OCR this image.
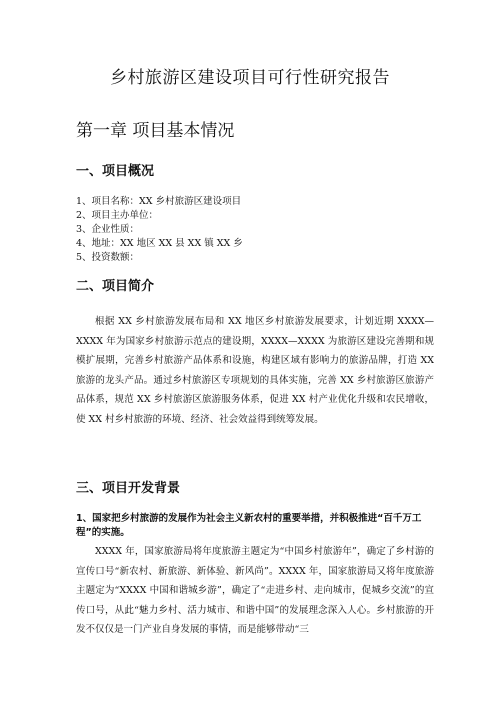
乡村旅游区建设项目可行性研究报告
第一章 项目基本情况
一、项目概况
1、项目名称：XX 乡村旅游区建设项目
2、项目主办单位：
3、企业性质：
4、地址：XX 地区 XX 县 XX 镇 XX 乡
5、投资数额：
二、项目简介

根据 XX 乡村旅游发展布局和 XX 地区乡村旅游发展要求，计划近期 XXXX—XXXX 年为国家乡村旅游示范点的建设期，XXXX—XXXX 为旅游区建设完善期和规模扩展期，完善乡村旅游产品体系和设施，构建区域有影响力的旅游品牌，打造 XX 旅游的龙头产品。通过乡村旅游区专项规划的具体实施，完善 XX 乡村旅游区旅游产品体系，规范 XX 乡村旅游区旅游服务体系，促进 XX 村产业优化升级和农民增收，使 XX 村乡村旅游的环境、经济、社会效益得到统筹发展。

三、项目开发背景
1、国家把乡村旅游的发展作为社会主义新农村的重要举措，并积极推进“百千万工程”的实施。

XXXX 年，国家旅游局将年度旅游主题定为“中国乡村旅游年”，确定了乡村游的宣传口号“新农村、新旅游、新体验、新风尚”。XXXX 年，国家旅游局又将年度旅游主题定为“XXXX 中国和谐城乡游”，确定了“走进乡村、走向城市，促城乡交流”的宣传口号，从此“魅力乡村、活力城市、和谐中国”的发展理念深入人心。乡村旅游的开发不仅仅是一门产业自身发展的事情，而是能够带动“三
